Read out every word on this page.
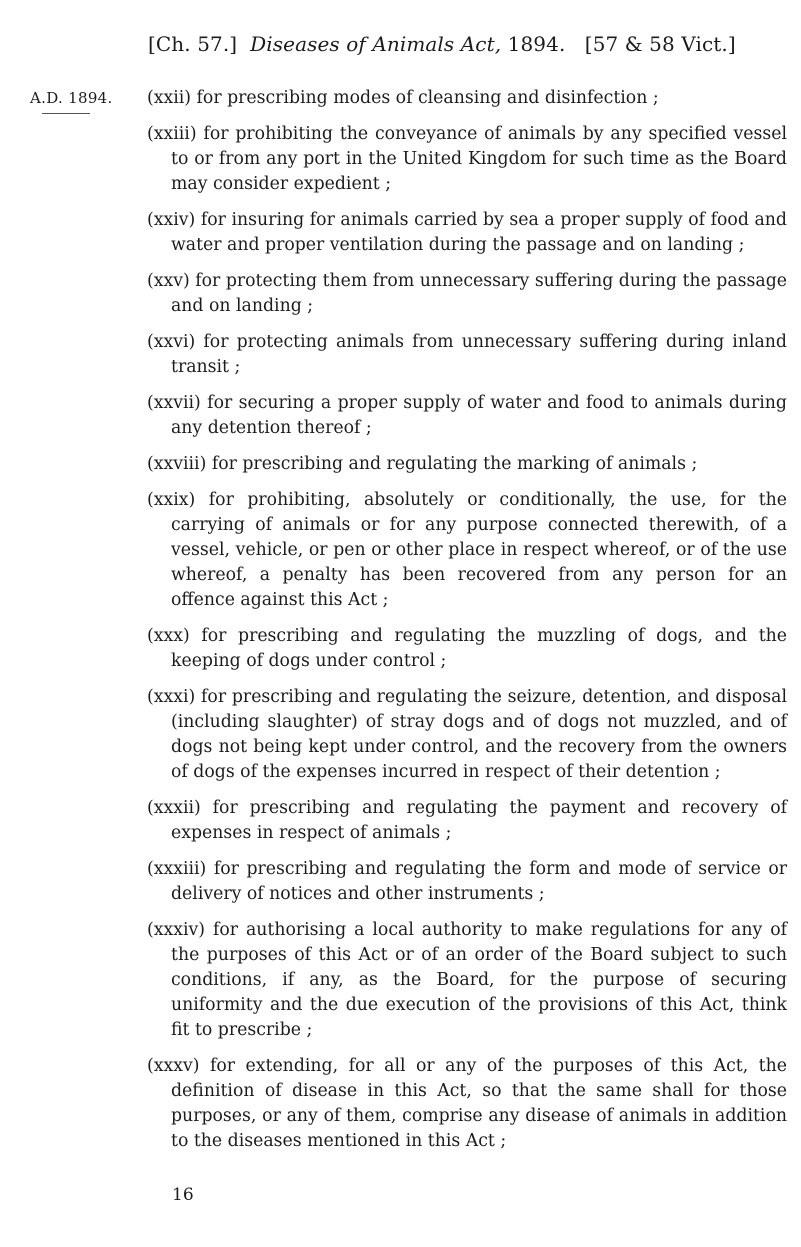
[Ch. 57.] Diseases of Animals Act, 1894. [57 & 58 Vict.]
A.D. 1894. (xxii) for prescribing modes of cleansing and disinfection ;

(xxiii) for prohibiting the conveyance of animals by any specified vessel to or from any port in the United Kingdom for such time as the Board may consider expedient ;

(xxiv) for insuring for animals carried by sea a proper supply of food and water and proper ventilation during the passage and on landing ;

(xxv) for protecting them from unnecessary suffering during the passage and on landing ;

(xxvi) for protecting animals from unnecessary suffering during inland transit ;

(xxvii) for securing a proper supply of water and food to animals during any detention thereof ;

(xxviii) for prescribing and regulating the marking of animals ;

(xxix) for prohibiting, absolutely or conditionally, the use, for the carrying of animals or for any purpose connected therewith, of a vessel, vehicle, or pen or other place in respect whereof, or of the use whereof, a penalty has been recovered from any person for an offence against this Act ;

(xxx) for prescribing and regulating the muzzling of dogs, and the keeping of dogs under control ;

(xxxi) for prescribing and regulating the seizure, detention, and disposal (including slaughter) of stray dogs and of dogs not muzzled, and of dogs not being kept under control, and the recovery from the owners of dogs of the expenses incurred in respect of their detention ;

(xxxii) for prescribing and regulating the payment and recovery of expenses in respect of animals ;

(xxxiii) for prescribing and regulating the form and mode of service or delivery of notices and other instruments ;

(xxxiv) for authorising a local authority to make regulations for any of the purposes of this Act or of an order of the Board subject to such conditions, if any, as the Board, for the purpose of securing uniformity and the due execution of the provisions of this Act, think fit to prescribe ;

(xxxv) for extending, for all or any of the purposes of this Act, the definition of disease in this Act, so that the same shall for those purposes, or any of them, comprise any disease of animals in addition to the diseases mentioned in this Act ;

16
